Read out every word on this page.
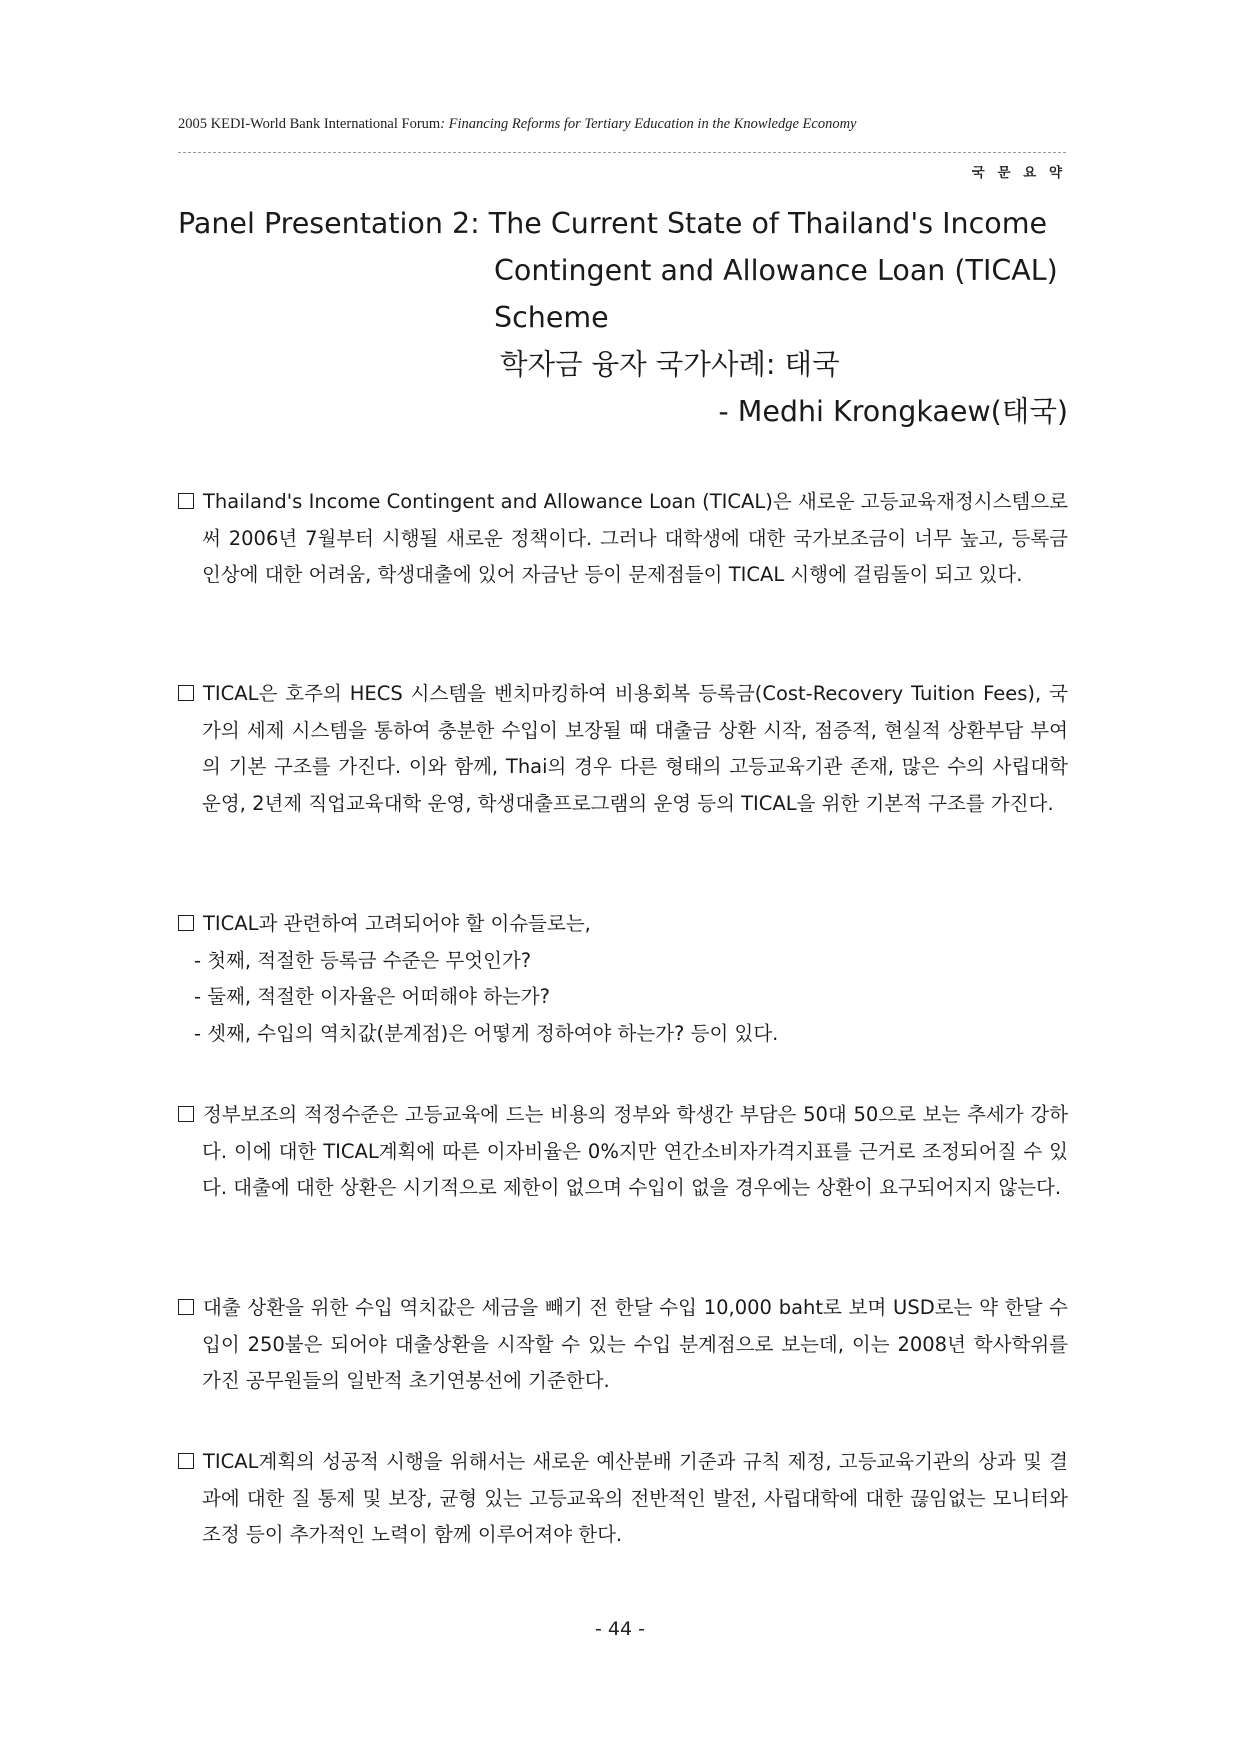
2005 KEDI-World Bank International Forum: Financing Reforms for Tertiary Education in the Knowledge Economy
국 문 요 약
Panel Presentation 2: The Current State of Thailand's Income
Contingent and Allowance Loan (TICAL)
Scheme
학자금 융자 국가사례: 태국
- Medhi Krongkaew(태국)
Thailand's Income Contingent and Allowance Loan (TICAL)은 새로운 고등교육재정시스템으로써 2006년 7월부터 시행될 새로운 정책이다. 그러나 대학생에 대한 국가보조금이 너무 높고, 등록금 인상에 대한 어려움, 학생대출에 있어 자금난 등이 문제점들이 TICAL 시행에 걸림돌이 되고 있다.
TICAL은 호주의 HECS 시스템을 벤치마킹하여 비용회복 등록금(Cost-Recovery Tuition Fees), 국가의 세제 시스템을 통하여 충분한 수입이 보장될 때 대출금 상환 시작, 점증적, 현실적 상환부담 부여의 기본 구조를 가진다. 이와 함께, Thai의 경우 다른 형태의 고등교육기관 존재, 많은 수의 사립대학 운영, 2년제 직업교육대학 운영, 학생대출프로그램의 운영 등의 TICAL을 위한 기본적 구조를 가진다.
TICAL과 관련하여 고려되어야 할 이슈들로는,
- 첫째, 적절한 등록금 수준은 무엇인가?
- 둘째, 적절한 이자율은 어떠해야 하는가?
- 셋째, 수입의 역치값(분계점)은 어떻게 정하여야 하는가? 등이 있다.
정부보조의 적정수준은 고등교육에 드는 비용의 정부와 학생간 부담은 50대 50으로 보는 추세가 강하다. 이에 대한 TICAL계획에 따른 이자비율은 0%지만 연간소비자가격지표를 근거로 조정되어질 수 있다. 대출에 대한 상환은 시기적으로 제한이 없으며 수입이 없을 경우에는 상환이 요구되어지지 않는다.
대출 상환을 위한 수입 역치값은 세금을 빼기 전 한달 수입 10,000 baht로 보며 USD로는 약 한달 수입이 250불은 되어야 대출상환을 시작할 수 있는 수입 분계점으로 보는데, 이는 2008년 학사학위를 가진 공무원들의 일반적 초기연봉선에 기준한다.
TICAL계획의 성공적 시행을 위해서는 새로운 예산분배 기준과 규칙 제정, 고등교육기관의 상과 및 결과에 대한 질 통제 및 보장, 균형 있는 고등교육의 전반적인 발전, 사립대학에 대한 끊임없는 모니터와 조정 등이 추가적인 노력이 함께 이루어져야 한다.
- 44 -
